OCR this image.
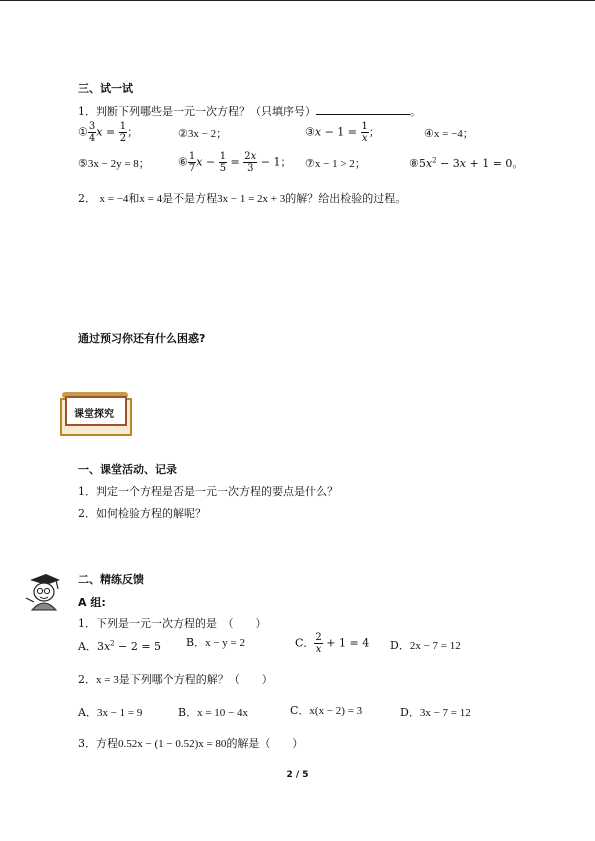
三、试一试
1．判断下列哪些是一元一次方程？（只填序号）	。
① $\frac{3}{4}$ $x = \frac{1}{2}$ ；	②3x − 2；	③x − $1 = \frac{1}{x}$ ；	④x = −4；
⑤3x − 2y = 8；	⑥ $\frac{1}{7}$ $x - \frac{1}{5} = \frac{2x}{3} - 1$； ⑦x − 1 > 2；	$⑧5x^2 - 3x + 1 = 0$。
2． x = −4和x = 4是不是方程3x − 1 = 2x + 3的解？给出检验的过程。
通过预习你还有什么困惑?
课堂探究
一、课堂活动、记录
1．判定一个方程是否是一元一次方程的要点是什么？
2．如何检验方程的解呢？
二、精练反馈
A 组:
1．下列是一元一次方程的是　（　　）
A．$3x^2 - 2 = 5$ B．x − y = 2	C． $\frac{2}{x} + 1 = 4$ D．2x − 7 = 12
2．x = 3是下列哪个方程的解？（　　）
A．3x − 1 = 9	B．x = 10 − 4x	C．x(x − 2) = 3	D．3x − 7 = 12
3．方程0.52x − (1 − 0.52)x = 80的解是（　　）
2 / 5
